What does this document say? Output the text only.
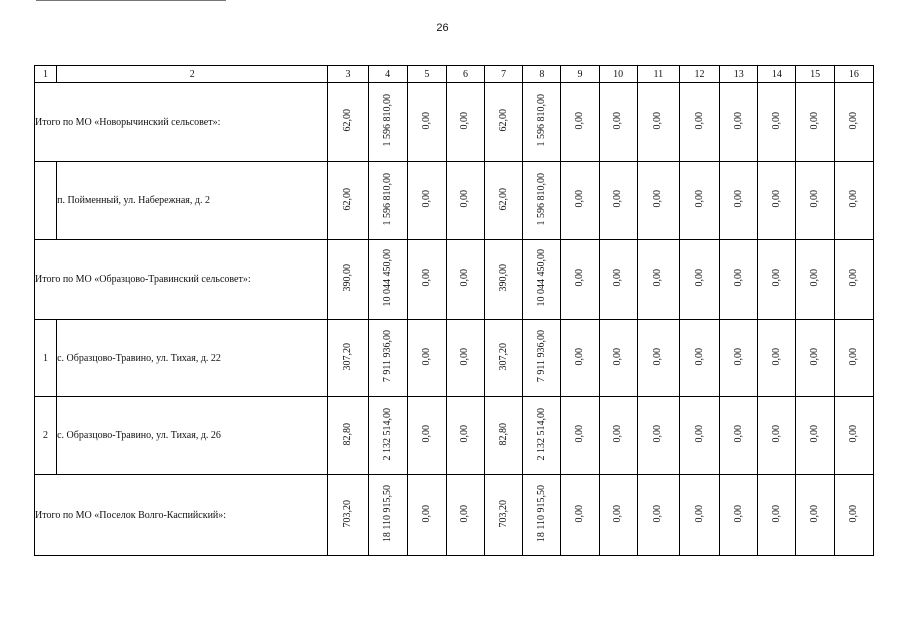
26
1	2	3	4	5	6	7	8	9	10	11	12	13	14	15	16
Итого по МО «Новорычинский сельсовет»:		62,00	1 596 810,00	0,00	0,00	62,00	1 596 810,00	0,00	0,00	0,00	0,00	0,00	0,00	0,00	0,00
	п. Пойменный, ул. Набережная, д. 2	62,00	1 596 810,00	0,00	0,00	62,00	1 596 810,00	0,00	0,00	0,00	0,00	0,00	0,00	0,00	0,00
Итого по МО «Образцово-Травинский сельсовет»:		390,00	10 044 450,00	0,00	0,00	390,00	10 044 450,00	0,00	0,00	0,00	0,00	0,00	0,00	0,00	0,00
1	с. Образцово-Травино, ул. Тихая, д. 22	307,20	7 911 936,00	0,00	0,00	307,20	7 911 936,00	0,00	0,00	0,00	0,00	0,00	0,00	0,00	0,00
2	с. Образцово-Травино, ул. Тихая, д. 26	82,80	2 132 514,00	0,00	0,00	82,80	2 132 514,00	0,00	0,00	0,00	0,00	0,00	0,00	0,00	0,00
Итого по МО «Поселок Волго-Каспийский»:		703,20	18 110 915,50	0,00	0,00	703,20	18 110 915,50	0,00	0,00	0,00	0,00	0,00	0,00	0,00	0,00
